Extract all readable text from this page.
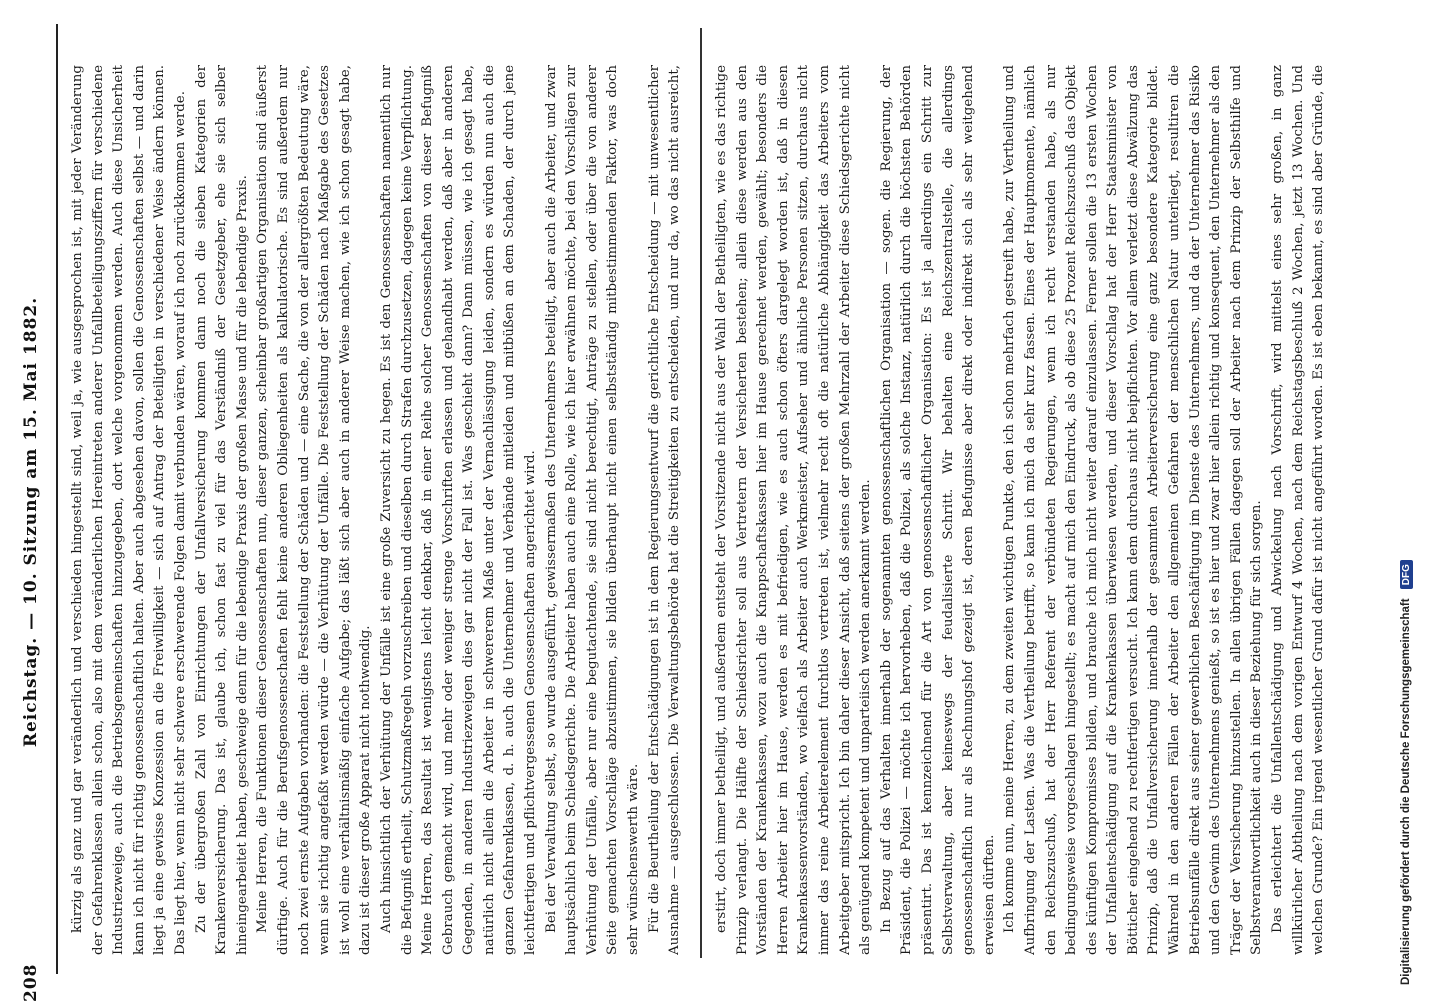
208
Reichstag. — 10. Sitzung am 15. Mai 1882. kürzig als ganz und gar veränderlich und verschieden hingestellt sind, weil ja, wie ausgesprochen ist, mit jeder Veränderung der Gefahrenklassen allein schon, also mit dem veränderlichen Hereintreten anderer Unfallbeteiligungsziffern für verschiedene Industriezweige, auch die Betriebsgemeinschaften hinzugegeben, dort welche vorgenommen werden. Auch diese Unsicherheit kann ich nicht für richtig genossenschaftlich halten. Aber auch abgesehen davon, sollen die Genossenschaften selbst — und darin liegt ja eine gewisse Konzession an die Freiwilligkeit — sich auf Antrag der Beteiligten in verschiedener Weise ändern können. Das liegt hier, wenn nicht sehr schwere erschwerende Folgen damit verbunden wären, worauf ich noch zurückkommen werde. Zu der übergroßen Zahl von Einrichtungen der Unfallversicherung kommen dann noch die sieben Kategorien der Krankenversicherung. Das ist, glaube ich, schon fast zu viel für das Verständniß der Gesetzgeber, ehe sie sich selber hineingearbeitet haben, geschweige denn für die lebendige Praxis der großen Masse und für die lebendige Praxis. Meine Herren, die Funktionen dieser Genossenschaften nun, dieser ganzen, scheinbar großartigen Organisation sind äußerst dürftige. Auch für die Berufsgenossenschaften fehlt keine anderen Obliegenheiten als kalkulatorische. Es sind außerdem nur noch zwei ernste Aufgaben vorhanden: die Feststellung der Schäden und — eine Sache, die von der allergrößten Bedeutung wäre, wenn sie richtig angefaßt werden würde — die Verhütung der Unfälle. Die Feststellung der Schäden nach Maßgabe des Gesetzes ist wohl eine verhältnismäßig einfache Aufgabe; das läßt sich aber auch in anderer Weise machen, wie ich schon gesagt habe, dazu ist dieser große Apparat nicht nothwendig. Auch hinsichtlich der Verhütung der Unfälle ist eine große Zuversicht zu hegen. Es ist den Genossenschaften namentlich nur die Befugniß ertheilt, Schutzmaßregeln vorzuschreiben und dieselben durch Strafen durchzusetzen, dagegen keine Verpflichtung. Meine Herren, das Resultat ist wenigstens leicht denkbar, daß in einer Reihe solcher Genossenschaften von dieser Befugniß Gebrauch gemacht wird, und mehr oder weniger strenge Vorschriften erlassen und gehandhabt werden, daß aber in anderen Gegenden, in anderen Industriezweigen dies gar nicht der Fall ist. Was geschieht dann? Dann müssen, wie ich gesagt habe, natürlich nicht allein die Arbeiter in schwererem Maße unter der Vernachlässigung leiden, sondern es würden nun auch die ganzen Gefahrenklassen, d. h. auch die Unternehmer und Verbände mitleiden und mitbüßen an dem Schaden, der durch jene leichtfertigen und pflichtvergessenen Genossenschaften angerichtet wird. Bei der Verwaltung selbst, so wurde ausgeführt, gewissermaßen des Unternehmers beteiligt, aber auch die Arbeiter, und zwar hauptsächlich beim Schiedsgerichte. Die Arbeiter haben auch eine Rolle, wie ich hier erwähnen möchte, bei den Vorschlägen zur Verhütung der Unfälle, aber nur eine begutachtende, sie sind nicht berechtigt, Anträge zu stellen, oder über die von anderer Seite gemachten Vorschläge abzustimmen, sie bilden überhaupt nicht einen selbstständig mitbestimmenden Faktor, was doch sehr wünschenswerth wäre. Für die Beurtheilung der Entschädigungen ist in dem Regierungsentwurf die gerichtliche Entscheidung — mit unwesentlicher Ausnahme — ausgeschlossen. Die Verwaltungsbehörde hat die Streitigkeiten zu entscheiden, und nur da, wo das nicht ausreicht,	erstirt, doch immer betheiligt, und außerdem entsteht der Vorsitzende nicht aus der Wahl der Betheiligten, wie es das richtige Prinzip verlangt. Die Hälfte der Schiedsrichter soll aus Vertretern der Versicherten bestehen; allein diese werden aus den Vorständen der Krankenkassen, wozu auch die Knappschaftskassen hier im Hause gerechnet werden, gewählt; besonders die Herren Arbeiter hier im Hause, werden es mit befriedigen, wie es auch schon öfters dargelegt worden ist, daß in diesen Krankenkassenvorständen, wo vielfach als Arbeiter auch Werkmeister, Aufseher und ähnliche Personen sitzen, durchaus nicht immer das reine Arbeiterelement furchtlos vertreten ist, vielmehr recht oft die natürliche Abhängigkeit das Arbeiters vom Arbeitgeber mitspricht. Ich bin daher dieser Ansicht, daß seitens der großen Mehrzahl der Arbeiter diese Schiedsgerichte nicht als genügend kompetent und unparteiisch werden anerkannt werden. In Bezug auf das Verhalten innerhalb der sogenannten genossenschaftlichen Organisation — sogen. die Regierung, der Präsident, die Polizei — möchte ich hervorheben, daß die Polizei, als solche Instanz, natürlich durch die höchsten Behörden präsentirt. Das ist kennzeichnend für die Art von genossenschaftlicher Organisation: Es ist ja allerdings ein Schritt zur Selbstverwaltung, aber keineswegs der feudalisierte Schritt. Wir behalten eine Reichszentralstelle, die allerdings genossenschaftlich nur als Rechnungshof gezeigt ist, deren Befugnisse aber direkt oder indirekt sich als sehr weitgehend erweisen dürften. Ich komme nun, meine Herren, zu dem zweiten wichtigen Punkte, den ich schon mehrfach gestreift habe, zur Vertheilung und Aufbringung der Lasten. Was die Vertheilung betrifft, so kann ich mich da sehr kurz fassen. Eines der Hauptmomente, nämlich den Reichszuschuß, hat der Herr Referent der verbündeten Regierungen, wenn ich recht verstanden habe, als nur bedingungsweise vorgeschlagen hingestellt; es macht auf mich den Eindruck, als ob diese 25 Prozent Reichszuschuß das Objekt des künftigen Kompromisses bilden, und brauche ich mich nicht weiter darauf einzulassen. Ferner sollen die 13 ersten Wochen der Unfallentschädigung auf die Krankenkassen überwiesen werden, und dieser Vorschlag hat der Herr Staatsminister von Bötticher eingehend zu rechtfertigen versucht. Ich kann dem durchaus nicht beipflichten. Vor allem verletzt diese Abwälzung das Prinzip, daß die Unfallversicherung innerhalb der gesammten Arbeiterversicherung eine ganz besondere Kategorie bildet. Während in den anderen Fällen der Arbeiter den allgemeinen Gefahren der menschlichen Natur unterliegt, resultiren die Betriebsunfälle direkt aus seiner gewerblichen Beschäftigung im Dienste des Unternehmers, und da der Unternehmer das Risiko und den Gewinn des Unternehmens genießt, so ist es hier und zwar hier allein richtig und konsequent, den Unternehmer als den Träger der Versicherung hinzustellen. In allen übrigen Fällen dagegen soll der Arbeiter nach dem Prinzip der Selbsthilfe und Selbstverantwortlichkeit auch in dieser Beziehung für sich sorgen. Das erleichtert die Unfallentschädigung und Abwickelung nach Vorschrift, wird mittelst eines sehr großen, in ganz willkürlicher Abtheilung nach dem vorigen Entwurf 4 Wochen, nach dem Reichstagsbeschluß 2 Wochen, jetzt 13 Wochen. Und welchen Grunde? Ein irgend wesentlicher Grund dafür ist nicht angeführt worden. Es ist eben bekannt, es sind aber Gründe, die

Digitalisierung gefördert durch die Deutsche Forschungsgemeinschaft DFG
